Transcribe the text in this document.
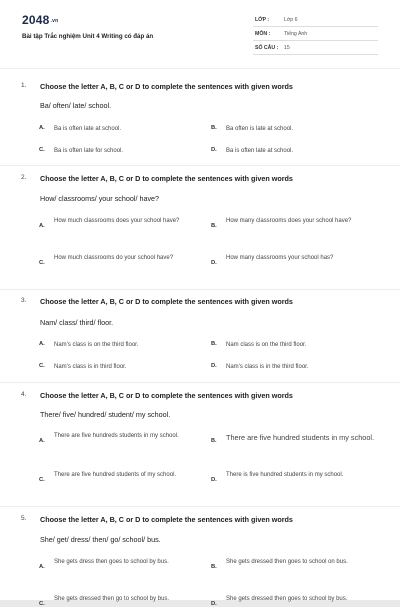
2048.vn
Bài tập Trắc nghiệm Unit 4 Writing có đáp án
LỚP :	Lớp 6
MÔN :	Tiếng Anh
SỐ CÂU : 15
1. Choose the letter A, B, C or D to complete the sentences with given words
Ba/ often/ late/ school.
A. Ba is often late at school.	B. Ba often is late at school.
C. Ba is often late for school.	D. Ba is often late at school.
2. Choose the letter A, B, C or D to complete the sentences with given words
How/ classrooms/ your school/ have?
A.
How much classrooms does your school have?
B.
How many classrooms does your school have?
C.
How much classrooms do your school have?
D.
How many classrooms your school has?
3. Choose the letter A, B, C or D to complete the sentences with given words
Nam/ class/ third/ floor.
A. Nam's class is on the third floor.	B. Nam class is on the third floor.
C. Nam's class is in third floor.	D. Nam's class is in the third floor.
4. Choose the letter A, B, C or D to complete the sentences with given words
There/ five/ hundred/ student/ my school.
A.
There are five hundreds students in my school.
B. There are five hundred students in my school.
C.
There are five hundred students of my school.
D.
There is five hundred students in my school.
5. Choose the letter A, B, C or D to complete the sentences with given words
She/ get/ dress/ then/ go/ school/ bus.
A.
She gets dress then goes to school by bus.
B.
She gets dressed then goes to school on bus.
C.
She gets dressed then go to school by bus.
D.
She gets dressed then goes to school by bus.
